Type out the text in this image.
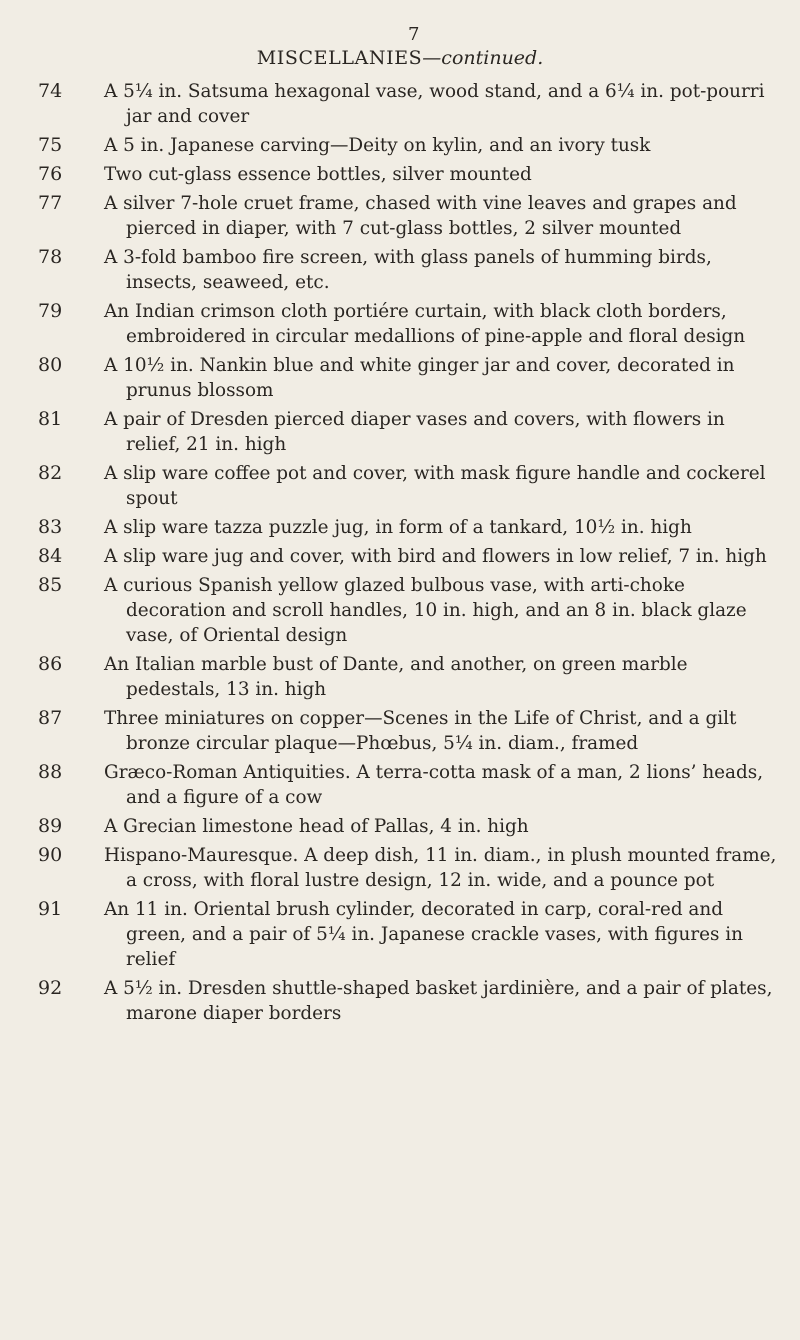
7
MISCELLANIES—continued.
74 A 5¼ in. Satsuma hexagonal vase, wood stand, and a 6¼ in. pot-pourri jar and cover
75 A 5 in. Japanese carving—Deity on kylin, and an ivory tusk
76 Two cut-glass essence bottles, silver mounted
77 A silver 7-hole cruet frame, chased with vine leaves and grapes and pierced in diaper, with 7 cut-glass bottles, 2 silver mounted
78 A 3-fold bamboo fire screen, with glass panels of humming birds, insects, seaweed, etc.
79 An Indian crimson cloth portiére curtain, with black cloth borders, embroidered in circular medallions of pine-apple and floral design
80 A 10½ in. Nankin blue and white ginger jar and cover, decorated in prunus blossom
81 A pair of Dresden pierced diaper vases and covers, with flowers in relief, 21 in. high
82 A slip ware coffee pot and cover, with mask figure handle and cockerel spout
83 A slip ware tazza puzzle jug, in form of a tankard, 10½ in. high
84 A slip ware jug and cover, with bird and flowers in low relief, 7 in. high
85 A curious Spanish yellow glazed bulbous vase, with arti-choke decoration and scroll handles, 10 in. high, and an 8 in. black glaze vase, of Oriental design
86 An Italian marble bust of Dante, and another, on green marble pedestals, 13 in. high
87 Three miniatures on copper—Scenes in the Life of Christ, and a gilt bronze circular plaque—Phœbus, 5¼ in. diam., framed
88 Græco-Roman Antiquities. A terra-cotta mask of a man, 2 lions’ heads, and a figure of a cow
89 A Grecian limestone head of Pallas, 4 in. high
90 Hispano-Mauresque. A deep dish, 11 in. diam., in plush mounted frame, a cross, with floral lustre design, 12 in. wide, and a pounce pot
91 An 11 in. Oriental brush cylinder, decorated in carp, coral-red and green, and a pair of 5¼ in. Japanese crackle vases, with figures in relief
92 A 5½ in. Dresden shuttle-shaped basket jardinière, and a pair of plates, marone diaper borders
